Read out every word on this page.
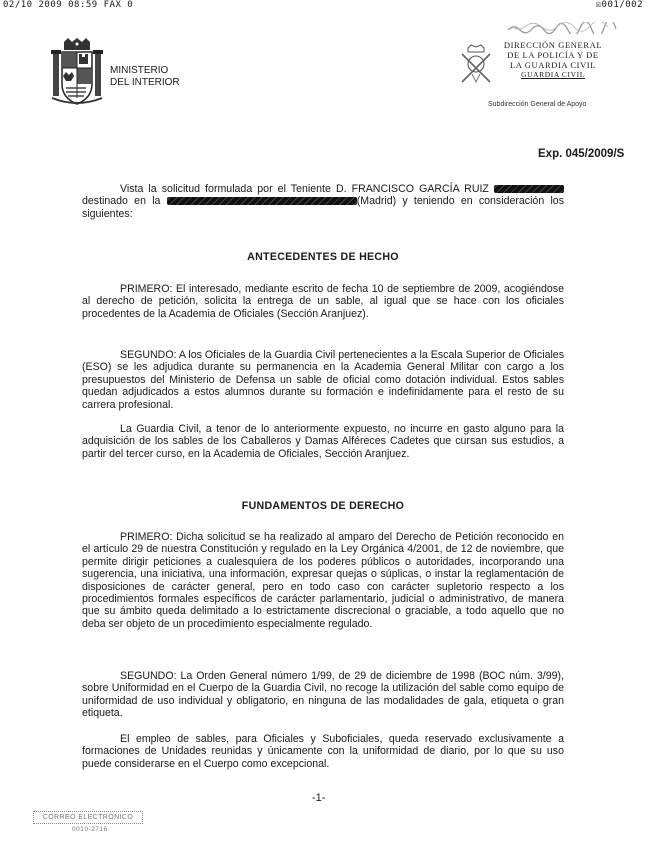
02/10 2009 08:59 FAX 0	☒001/002
MINISTERIO
DEL INTERIOR
DIRECCIÓN GENERAL
DE LA POLICÍA Y DE
LA GUARDIA CIVIL
GUARDIA CIVIL
Subdirección General de Apoyo
Exp. 045/2009/S
Vista la solicitud formulada por el Teniente D. FRANCISCO GARCÍA RUIZ  destinado en la	(Madrid) y teniendo en consideración los siguientes:
ANTECEDENTES DE HECHO
PRIMERO: El interesado, mediante escrito de fecha 10 de septiembre de 2009, acogiéndose al derecho de petición, solicita la entrega de un sable, al igual que se hace con los oficiales procedentes de la Academia de Oficiales (Sección Aranjuez).
SEGUNDO: A los Oficiales de la Guardia Civil pertenecientes a la Escala Superior de Oficiales (ESO) se les adjudica durante su permanencia en la Academia General Militar con cargo a los presupuestos del Ministerio de Defensa un sable de oficial como dotación individual. Estos sables quedan adjudicados a estos alumnos durante su formación e indefinidamente para el resto de su carrera profesional.
La Guardia Civil, a tenor de lo anteriormente expuesto, no incurre en gasto alguno para la adquisición de los sables de los Caballeros y Damas Alféreces Cadetes que cursan sus estudios, a partir del tercer curso, en la Academia de Oficiales, Sección Aranjuez.
FUNDAMENTOS DE DERECHO
PRIMERO: Dicha solicitud se ha realizado al amparo del Derecho de Petición reconocido en el artículo 29 de nuestra Constitución y regulado en la Ley Orgánica 4/2001, de 12 de noviembre, que permite dirigir peticiones a cualesquiera de los poderes públicos o autoridades, incorporando una sugerencia, una iniciativa, una información, expresar quejas o súplicas, o instar la reglamentación de disposiciones de carácter general, pero en todo caso con carácter supletorio respecto a los procedimientos formales específicos de carácter parlamentario, judicial o administrativo, de manera que su ámbito queda delimitado a lo estrictamente discrecional o graciable, a todo aquello que no deba ser objeto de un procedimiento especialmente regulado.
SEGUNDO: La Orden General número 1/99, de 29 de diciembre de 1998 (BOC núm. 3/99), sobre Uniformidad en el Cuerpo de la Guardia Civil, no recoge la utilización del sable como equipo de uniformidad de uso individual y obligatorio, en ninguna de las modalidades de gala, etiqueta o gran etiqueta.
El empleo de sables, para Oficiales y Suboficiales, queda reservado exclusivamente a formaciones de Unidades reunidas y únicamente con la uniformidad de diario, por lo que su uso puede considerarse en el Cuerpo como excepcional.
-1-
CORREO ELECTRÓNICO
0010-2716
